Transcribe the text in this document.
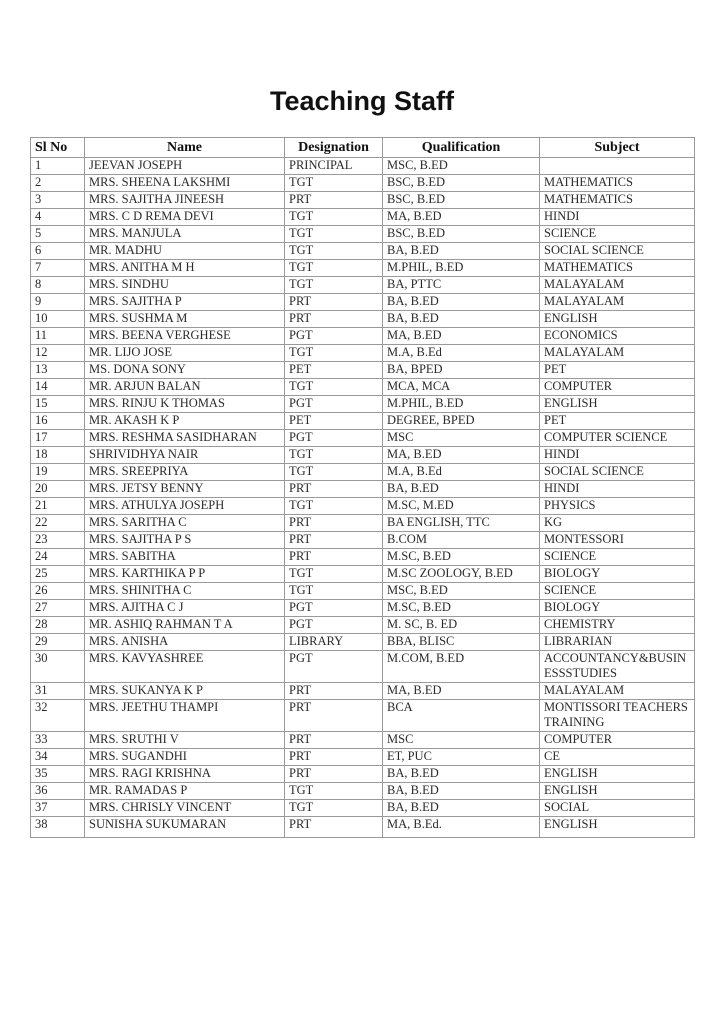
Teaching Staff
Sl No	Name	Designation	Qualification	Subject
1	JEEVAN JOSEPH	PRINCIPAL	MSC, B.ED	
2	MRS. SHEENA LAKSHMI	TGT	BSC, B.ED	MATHEMATICS
3	MRS. SAJITHA JINEESH	PRT	BSC, B.ED	MATHEMATICS
4	MRS. C D REMA DEVI	TGT	MA, B.ED	HINDI
5	MRS. MANJULA	TGT	BSC, B.ED	SCIENCE
6	MR. MADHU	TGT	BA, B.ED	SOCIAL SCIENCE
7	MRS. ANITHA M H	TGT	M.PHIL, B.ED	MATHEMATICS
8	MRS. SINDHU	TGT	BA, PTTC	MALAYALAM
9	MRS. SAJITHA P	PRT	BA, B.ED	MALAYALAM
10	MRS. SUSHMA M	PRT	BA, B.ED	ENGLISH
11	MRS. BEENA VERGHESE	PGT	MA, B.ED	ECONOMICS
12	MR. LIJO JOSE	TGT	M.A, B.Ed	MALAYALAM
13	MS. DONA SONY	PET	BA, BPED	PET
14	MR. ARJUN BALAN	TGT	MCA, MCA	COMPUTER
15	MRS. RINJU K THOMAS	PGT	M.PHIL, B.ED	ENGLISH
16	MR. AKASH K P	PET	DEGREE, BPED	PET
17	MRS. RESHMA SASIDHARAN	PGT	MSC	COMPUTER SCIENCE
18	SHRIVIDHYA NAIR	TGT	MA, B.ED	HINDI
19	MRS. SREEPRIYA	TGT	M.A, B.Ed	SOCIAL SCIENCE
20	MRS. JETSY BENNY	PRT	BA, B.ED	HINDI
21	MRS. ATHULYA JOSEPH	TGT	M.SC, M.ED	PHYSICS
22	MRS. SARITHA C	PRT	BA ENGLISH, TTC	KG
23	MRS. SAJITHA P S	PRT	B.COM	MONTESSORI
24	MRS. SABITHA	PRT	M.SC, B.ED	SCIENCE
25	MRS. KARTHIKA P P	TGT	M.SC ZOOLOGY, B.ED	BIOLOGY
26	MRS. SHINITHA C	TGT	MSC, B.ED	SCIENCE
27	MRS. AJITHA C J	PGT	M.SC, B.ED	BIOLOGY
28	MR. ASHIQ RAHMAN T A	PGT	M. SC, B. ED	CHEMISTRY
29	MRS. ANISHA	LIBRARY	BBA, BLISC	LIBRARIAN
30	MRS. KAVYASHREE	PGT	M.COM, B.ED	ACCOUNTANCY&BUSINESSSTUDIES
31	MRS. SUKANYA K P	PRT	MA, B.ED	MALAYALAM
32	MRS. JEETHU THAMPI	PRT	BCA	MONTISSORI TEACHERS TRAINING
33	MRS. SRUTHI V	PRT	MSC	COMPUTER
34	MRS. SUGANDHI	PRT	ET, PUC	CE
35	MRS. RAGI KRISHNA	PRT	BA, B.ED	ENGLISH
36	MR. RAMADAS P	TGT	BA, B.ED	ENGLISH
37	MRS. CHRISLY VINCENT	TGT	BA, B.ED	SOCIAL
38	SUNISHA SUKUMARAN	PRT	MA, B.Ed.	ENGLISH
